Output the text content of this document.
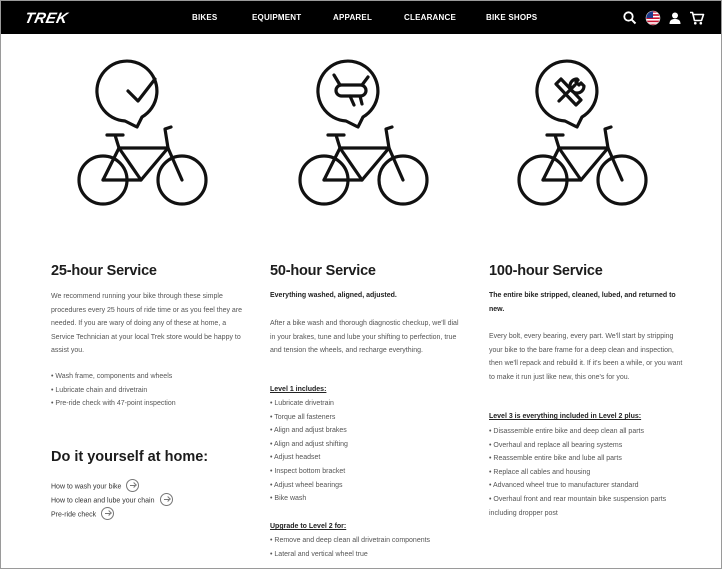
TREK	BIKES	EQUIPMENT	APPAREL	CLEARANCE	BIKE SHOPS
25-hour Service
We recommend running your bike through these simple procedures every 25 hours of ride time or as you feel they are needed. If you are wary of doing any of these at home, a Service Technician at your local Trek store would be happy to assist you.
• Wash frame, components and wheels
• Lubricate chain and drivetrain
• Pre-ride check with 47-point inspection
Do it yourself at home:
How to wash your bike
How to clean and lube your chain
Pre-ride check
50-hour Service
Everything washed, aligned, adjusted.
After a bike wash and thorough diagnostic checkup, we'll dial in your brakes, tune and lube your shifting to perfection, true and tension the wheels, and recharge everything.
Level 1 includes:
• Lubricate drivetrain
• Torque all fasteners
• Align and adjust brakes
• Align and adjust shifting
• Adjust headset
• Inspect bottom bracket
• Adjust wheel bearings
• Bike wash
Upgrade to Level 2 for:
• Remove and deep clean all drivetrain components
• Lateral and vertical wheel true
100-hour Service
The entire bike stripped, cleaned, lubed, and returned to new.
Every bolt, every bearing, every part. We'll start by stripping your bike to the bare frame for a deep clean and inspection, then we'll repack and rebuild it. If it's been a while, or you want to make it run just like new, this one's for you.
Level 3 is everything included in Level 2 plus:
• Disassemble entire bike and deep clean all parts
• Overhaul and replace all bearing systems
• Reassemble entire bike and lube all parts
• Replace all cables and housing
• Advanced wheel true to manufacturer standard
• Overhaul front and rear mountain bike suspension parts including dropper post
